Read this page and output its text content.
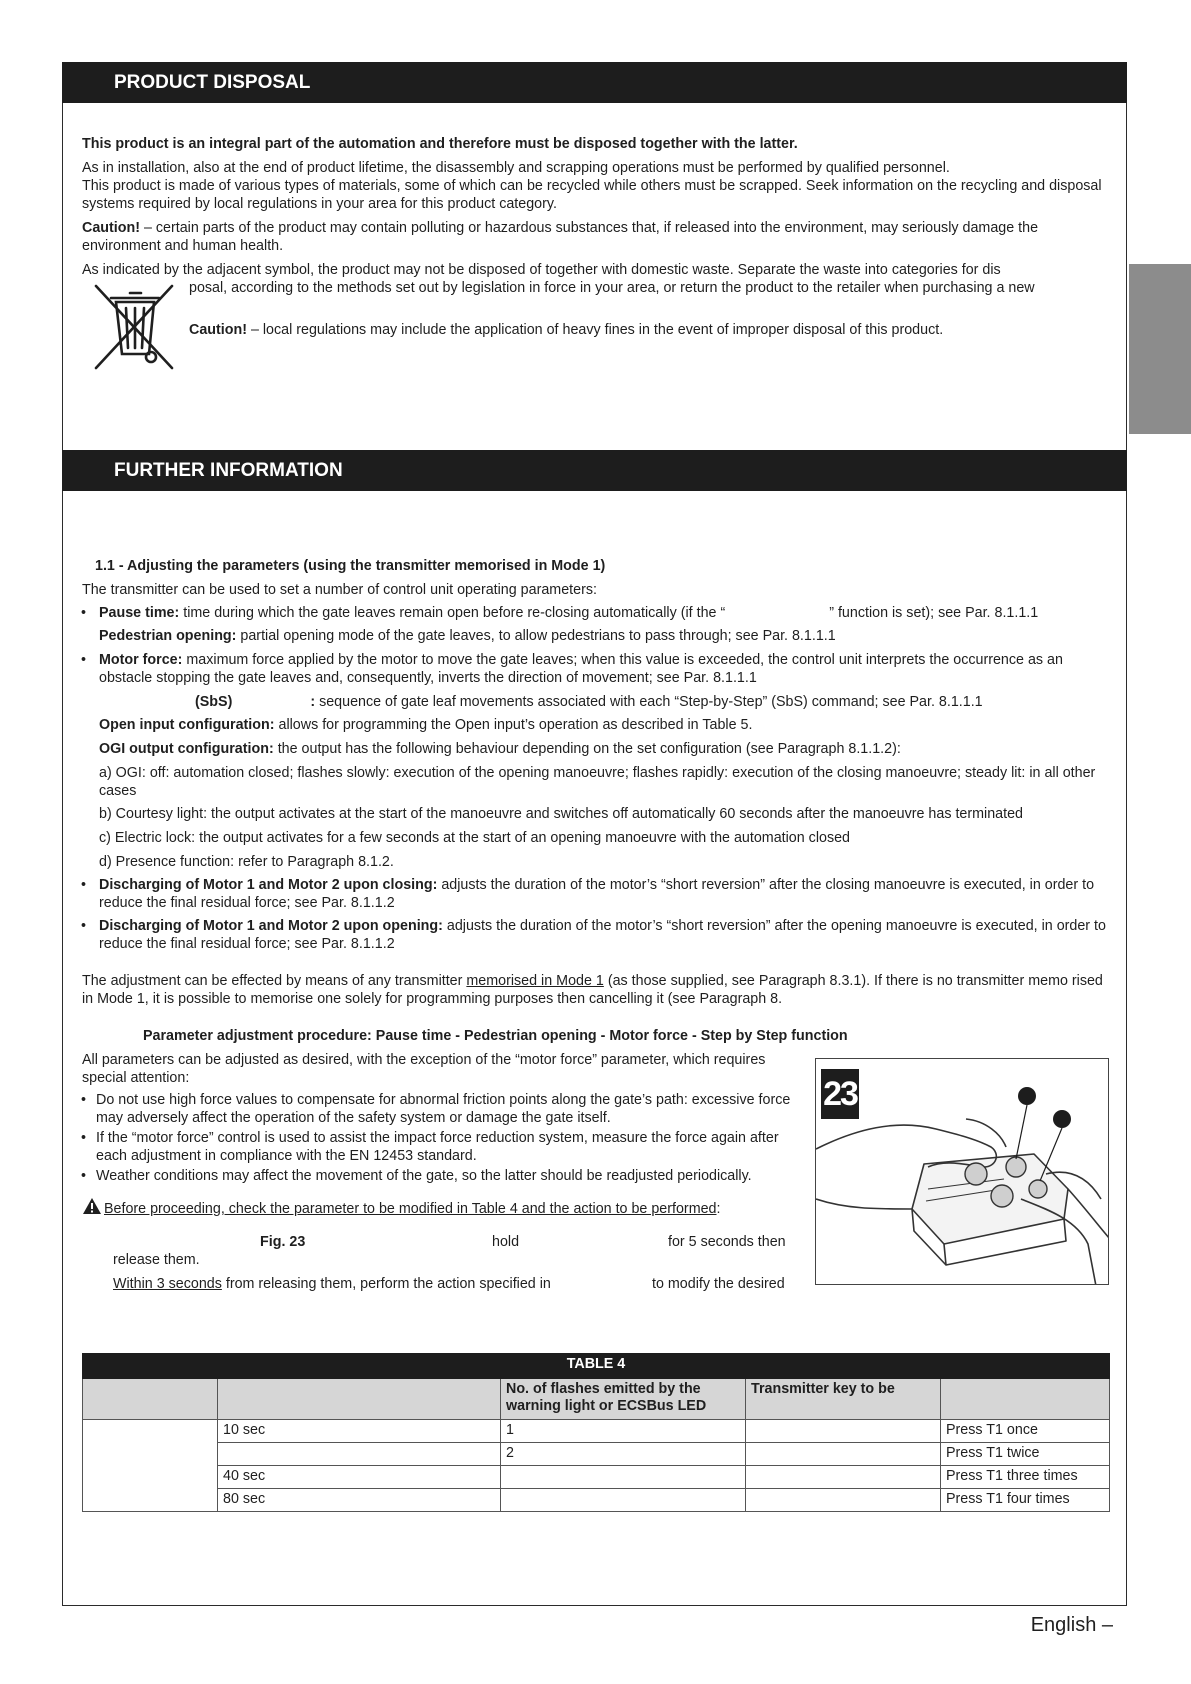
PRODUCT DISPOSAL

This product is an integral part of the automation and therefore must be disposed together with the latter.

As in installation, also at the end of product lifetime, the disassembly and scrapping operations must be performed by qualified personnel.

This product is made of various types of materials, some of which can be recycled while others must be scrapped. Seek information on the recycling and disposal systems required by local regulations in your area for this product category.

Caution! – certain parts of the product may contain polluting or hazardous substances that, if released into the environment, may seriously damage the environment and human health.

As indicated by the adjacent symbol, the product may not be disposed of together with domestic waste. Separate the waste into categories for dis

posal, according to the methods set out by legislation in force in your area, or return the product to the retailer when purchasing a new

Caution! – local regulations may include the application of heavy fines in the event of improper disposal of this product.

FURTHER INFORMATION

1.1 - Adjusting the parameters (using the transmitter memorised in Mode 1)

The transmitter can be used to set a number of control unit operating parameters:

• Pause time: time during which the gate leaves remain open before re-closing automatically (if the “	” function is set); see Par. 8.1.1.1

Pedestrian opening: partial opening mode of the gate leaves, to allow pedestrians to pass through; see Par. 8.1.1.1

• Motor force: maximum force applied by the motor to move the gate leaves; when this value is exceeded, the control unit interprets the occurrence as an obstacle stopping the gate leaves and, consequently, inverts the direction of movement; see Par. 8.1.1.1

(SbS)	: sequence of gate leaf movements associated with each “Step-by-Step” (SbS) command; see Par. 8.1.1.1

Open input configuration: allows for programming the Open input’s operation as described in Table 5.

OGI output configuration: the output has the following behaviour depending on the set configuration (see Paragraph 8.1.1.2):

a) OGI: off: automation closed; flashes slowly: execution of the opening manoeuvre; flashes rapidly: execution of the closing manoeuvre; steady lit: in all other cases

b) Courtesy light: the output activates at the start of the manoeuvre and switches off automatically 60 seconds after the manoeuvre has terminated

c) Electric lock: the output activates for a few seconds at the start of an opening manoeuvre with the automation closed

d) Presence function: refer to Paragraph 8.1.2.

• Discharging of Motor 1 and Motor 2 upon closing: adjusts the duration of the motor’s “short reversion” after the closing manoeuvre is executed, in order to reduce the final residual force; see Par. 8.1.1.2

• Discharging of Motor 1 and Motor 2 upon opening: adjusts the duration of the motor’s “short reversion” after the opening manoeuvre is executed, in order to reduce the final residual force; see Par. 8.1.1.2

The adjustment can be effected by means of any transmitter memorised in Mode 1 (as those supplied, see Paragraph 8.3.1). If there is no transmitter memo rised in Mode 1, it is possible to memorise one solely for programming purposes then cancelling it (see Paragraph 8.

Parameter adjustment procedure: Pause time - Pedestrian opening - Motor force - Step by Step function

All parameters can be adjusted as desired, with the exception of the “motor force” parameter, which requires special attention:

• Do not use high force values to compensate for abnormal friction points along the gate’s path: excessive force may adversely affect the operation of the safety system or damage the gate itself.

• If the “motor force” control is used to assist the impact force reduction system, measure the force again after each adjustment in compliance with the EN 12453 standard.

• Weather conditions may affect the movement of the gate, so the latter should be readjusted periodically.

Before proceeding, check the parameter to be modified in Table 4 and the action to be performed:

Fig. 23	hold	for 5 seconds then

release them.

Within 3 seconds from releasing them, perform the action specified in	to modify the desired

23
TABLE 4				
		No. of flashes emitted by the warning light or ECSBus LED	Transmitter key to be	
	10 sec	1		Press T1 once
		2		Press T1 twice
	40 sec			Press T1 three times
	80 sec			Press T1 four times
English –
